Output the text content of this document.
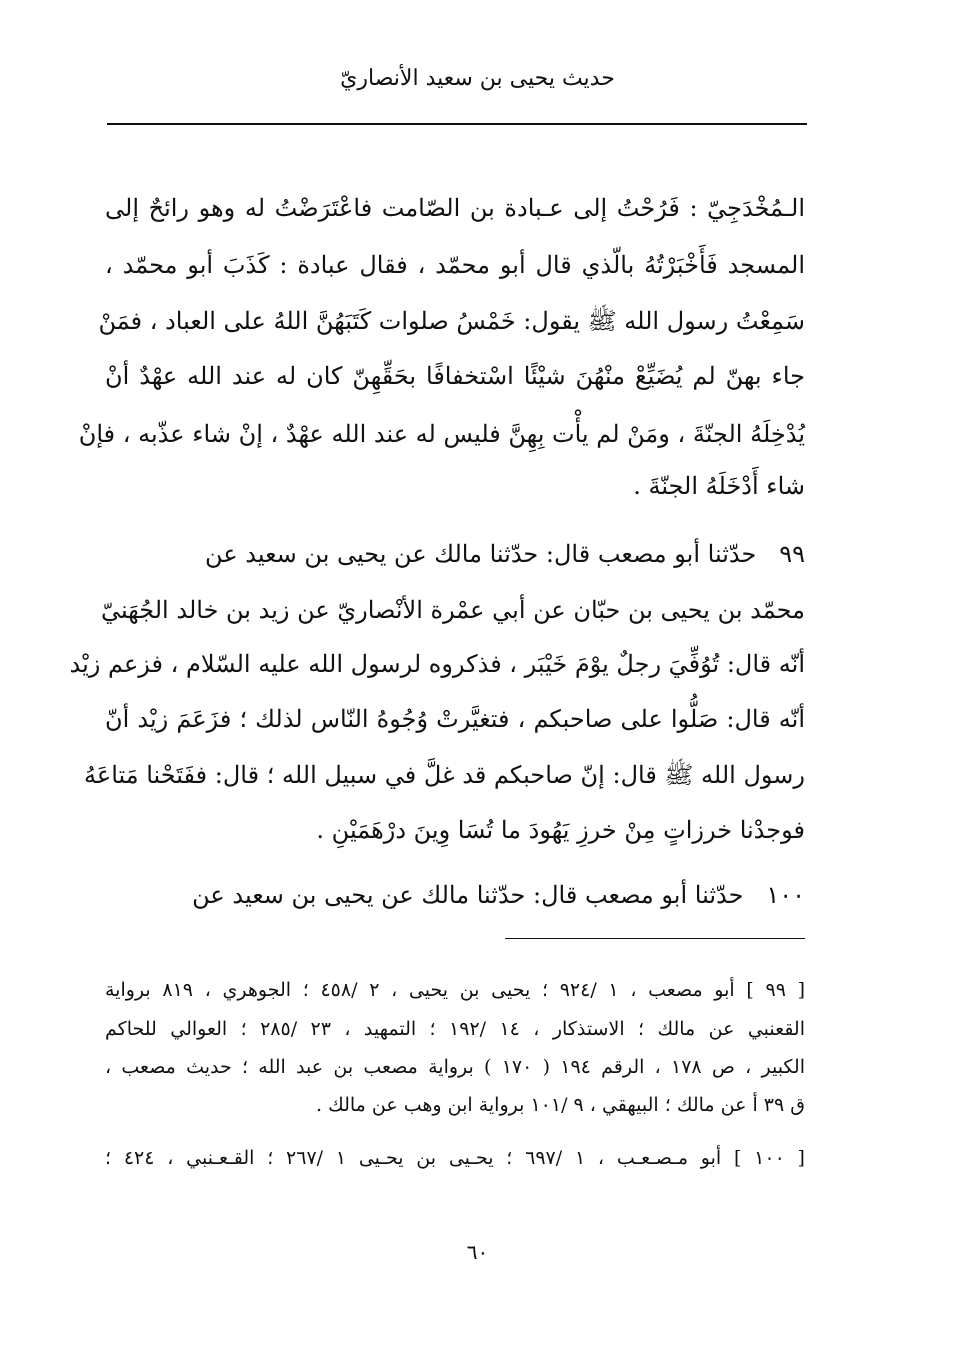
حديث يحيى بن سعيد الأنصاريّ
الـمُخْدَجِيّ : فَرُحْتُ إلى عـبادة بن الصّامت فاعْتَرَضْتُ له وهو رائحٌ إلى
المسجد فَأَخْبَرْتُهُ بالّذي قال أبو محمّد ، فقال عبادة : كَذَبَ أبو محمّد ،
سَمِعْتُ رسول الله ﷺ يقول: خَمْسُ صلوات كَتَبَهُنَّ اللهُ على العباد ، فمَنْ
جاء بهنّ لم يُضَيِّعْ منْهُنَ شيْئًا اسْتخفافًا بحَقِّهِنّ كان له عند الله عهْدٌ أنْ
يُدْخِلَهُ الجنّةَ ، ومَنْ لم يأْت بِهِنَّ فليس له عند الله عهْدٌ ، إنْ شاء عذّبه ، فإنْ
شاء أَدْخَلَهُ الجنّةَ .
٩٩   حدّثنا أبو مصعب قال: حدّثنا مالك عن يحيى بن سعيد عن
محمّد بن يحيى بن حبّان عن أبي عمْرة الأنْصاريّ عن زيد بن خالد الجُهَنيّ
أنّه قال: تُوُفِّيَ رجلٌ يوْمَ خَيْبَر ، فذكروه لرسول الله عليه السّلام ، فزعم زيْد
أنّه قال: صَلُّوا على صاحبكم ، فتغيَّرتْ وُجُوهُ النّاس لذلك ؛ فزَعَمَ زيْد أنّ
رسول الله ﷺ قال: إنّ صاحبكم قد غلَّ في سبيل الله ؛ قال: ففَتَحْنا مَتاعَهُ
فوجدْنا خرزاتٍ مِنْ خرزِ يَهُودَ ما تُسَا وِينَ درْهَمَيْنِ .
١٠٠   حدّثنا أبو مصعب قال: حدّثنا مالك عن يحيى بن سعيد عن
[ ٩٩ ] أبو مصعب ، ١ /٩٢٤ ؛ يحيى بن يحيى ، ٢ /٤٥٨ ؛ الجوهري ، ٨١٩ برواية
القعنبي عن مالك ؛ الاستذكار ، ١٤ /١٩٢ ؛ التمهيد ، ٢٣ /٢٨٥ ؛ العوالي للحاكم
الكبير ، ص ١٧٨ ، الرقم ١٩٤ ( ١٧٠ ) برواية مصعب بن عبد الله ؛ حديث مصعب ،
ق ٣٩ أ عن مالك ؛ البيهقي ، ٩ /١٠١ برواية ابن وهب عن مالك .
[ ١٠٠ ] أبو مـصـعـب ، ١ /٦٩٧ ؛ يحـيى بن يحـيى ١ /٢٦٧ ؛ القـعـنبي ، ٤٢٤ ؛
٦٠
